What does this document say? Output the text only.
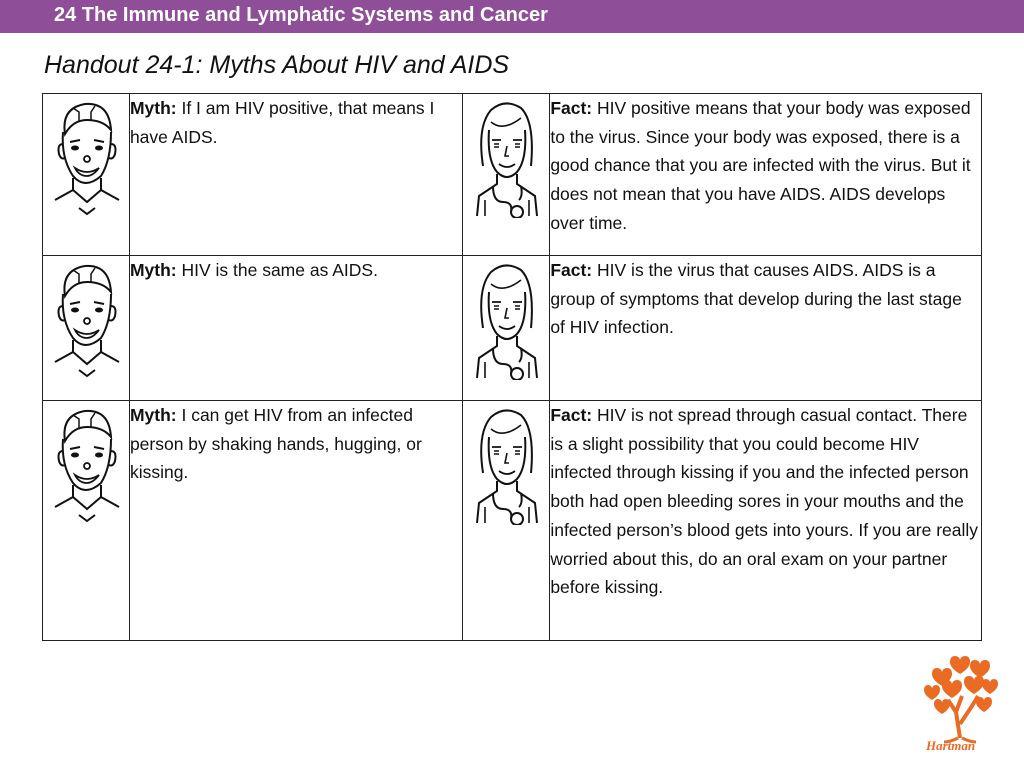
24 The Immune and Lymphatic Systems and Cancer
Handout 24-1: Myths About HIV and AIDS
	Myth: If I am HIV positive, that means I have AIDS.		Fact: HIV positive means that your body was exposed to the virus. Since your body was exposed, there is a good chance that you are infected with the virus. But it does not mean that you have AIDS. AIDS develops over time.

	Myth: HIV is the same as AIDS.		Fact: HIV is the virus that causes AIDS. AIDS is a group of symptoms that develop during the last stage of HIV infection.

	Myth: I can get HIV from an infected person by shaking hands, hugging, or kissing.		Fact: HIV is not spread through casual contact. There is a slight possibility that you could become HIV infected through kissing if you and the infected person both had open bleeding sores in your mouths and the infected person’s blood gets into yours. If you are really worried about this, do an oral exam on your partner before kissing.
Hartman
